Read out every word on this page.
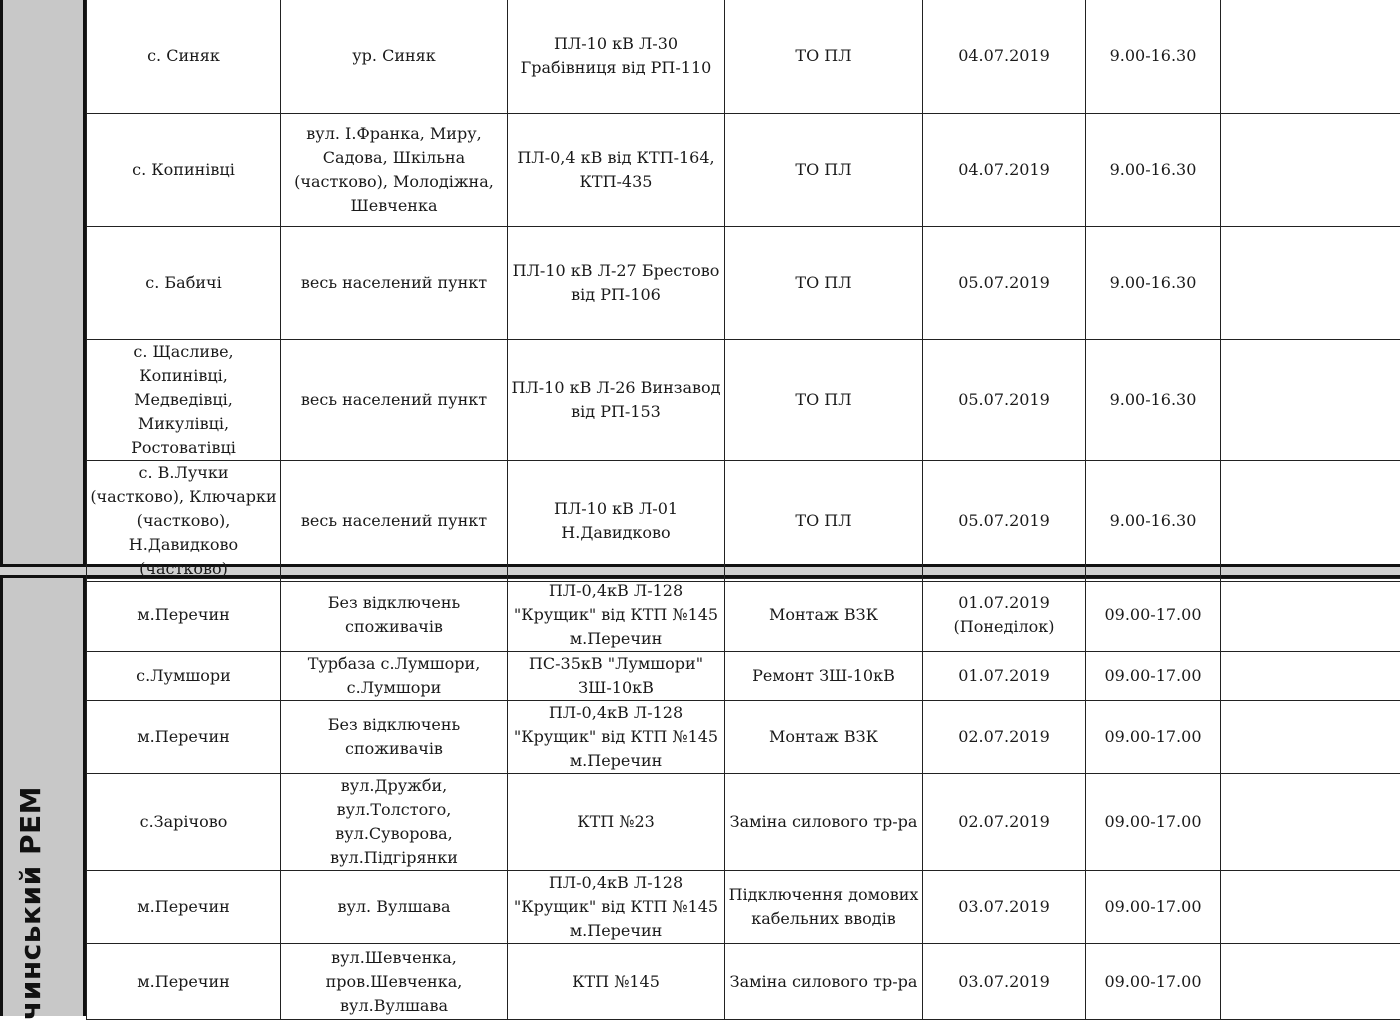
чинський РЕМ
с. Синяк	ур. Синяк	ПЛ-10 кВ Л-30 Грабівниця від РП-110	ТО ПЛ	04.07.2019	9.00-16.30	
с. Копинівці	вул. І.Франка, Миру, Садова, Шкільна (частково), Молодіжна, Шевченка	ПЛ-0,4 кВ від КТП-164, КТП-435	ТО ПЛ	04.07.2019	9.00-16.30	
с. Бабичі	весь населений пункт	ПЛ-10 кВ Л-27 Брестово від РП-106	ТО ПЛ	05.07.2019	9.00-16.30	
с. Щасливе, Копинівці, Медведівці, Микулівці, Ростоватівці	весь населений пункт	ПЛ-10 кВ Л-26 Винзавод від РП-153	ТО ПЛ	05.07.2019	9.00-16.30	
с. В.Лучки (частково), Ключарки (частково), Н.Давидково (частково)	весь населений пункт	ПЛ-10 кВ Л-01 Н.Давидково	ТО ПЛ	05.07.2019	9.00-16.30	
м.Перечин	Без відключень споживачів	ПЛ-0,4кВ Л-128 "Крущик" від КТП №145 м.Перечин	Монтаж ВЗК	01.07.2019 (Понеділок)	09.00-17.00	
с.Лумшори	Турбаза с.Лумшори, с.Лумшори	ПС-35кВ "Лумшори" ЗШ-10кВ	Ремонт ЗШ-10кВ	01.07.2019	09.00-17.00	
м.Перечин	Без відключень споживачів	ПЛ-0,4кВ Л-128 "Крущик" від КТП №145 м.Перечин	Монтаж ВЗК	02.07.2019	09.00-17.00	
с.Зарічово	вул.Дружби, вул.Толстого, вул.Суворова, вул.Підгірянки	КТП №23	Заміна силового тр-ра	02.07.2019	09.00-17.00	
м.Перечин	вул. Вулшава	ПЛ-0,4кВ Л-128 "Крущик" від КТП №145 м.Перечин	Підключення домових кабельних вводів	03.07.2019	09.00-17.00	
м.Перечин	вул.Шевченка, пров.Шевченка, вул.Вулшава	КТП №145	Заміна силового тр-ра	03.07.2019	09.00-17.00	
